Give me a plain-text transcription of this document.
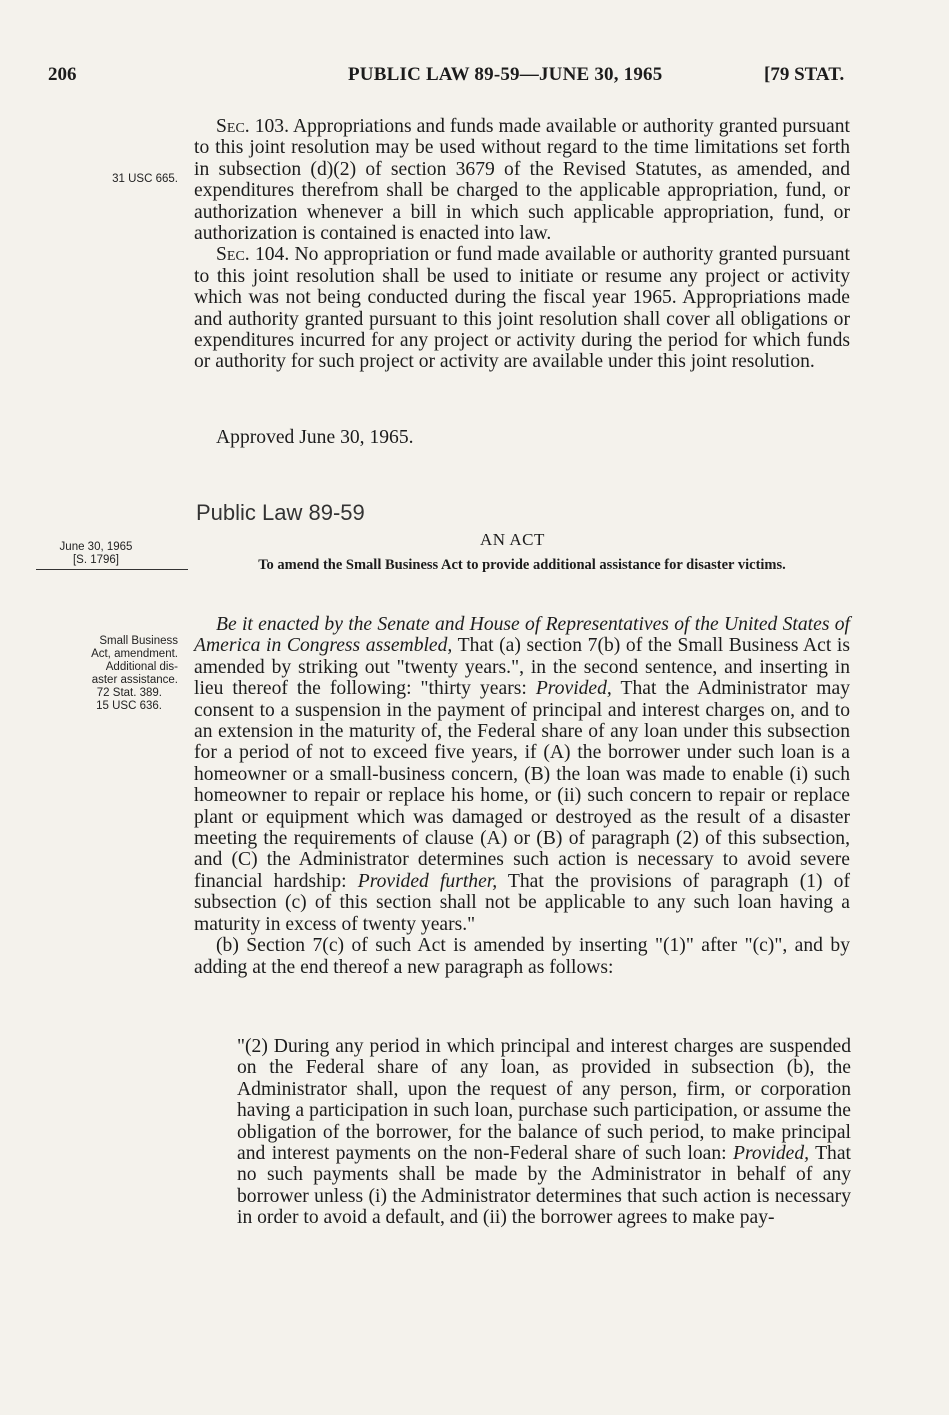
206	PUBLIC LAW 89-59—JUNE 30, 1965	[79 STAT.
31 USC 665.
June 30, 1965
[S. 1796]
Small Business
Act, amendment.
Additional dis-
aster assistance.
72 Stat. 389.
15 USC 636.

Sec. 103. Appropriations and funds made available or authority granted pursuant to this joint resolution may be used without regard to the time limitations set forth in subsection (d)(2) of section 3679 of the Revised Statutes, as amended, and expenditures therefrom shall be charged to the applicable appropriation, fund, or authorization whenever a bill in which such applicable appropriation, fund, or authorization is contained is enacted into law.

Sec. 104. No appropriation or fund made available or authority granted pursuant to this joint resolution shall be used to initiate or resume any project or activity which was not being conducted during the fiscal year 1965. Appropriations made and authority granted pursuant to this joint resolution shall cover all obligations or expenditures incurred for any project or activity during the period for which funds or authority for such project or activity are available under this joint resolution.

Approved June 30, 1965.
Public Law 89-59
AN ACT
To amend the Small Business Act to provide additional assistance for disaster victims.

Be it enacted by the Senate and House of Representatives of the United States of America in Congress assembled, That (a) section 7(b) of the Small Business Act is amended by striking out "twenty years.", in the second sentence, and inserting in lieu thereof the following: "thirty years: Provided, That the Administrator may consent to a suspension in the payment of principal and interest charges on, and to an extension in the maturity of, the Federal share of any loan under this subsection for a period of not to exceed five years, if (A) the borrower under such loan is a homeowner or a small-business concern, (B) the loan was made to enable (i) such homeowner to repair or replace his home, or (ii) such concern to repair or replace plant or equipment which was damaged or destroyed as the result of a disaster meeting the requirements of clause (A) or (B) of paragraph (2) of this subsection, and (C) the Administrator determines such action is necessary to avoid severe financial hardship: Provided further, That the provisions of paragraph (1) of subsection (c) of this section shall not be applicable to any such loan having a maturity in excess of twenty years."

(b) Section 7(c) of such Act is amended by inserting "(1)" after "(c)", and by adding at the end thereof a new paragraph as follows:

"(2) During any period in which principal and interest charges are suspended on the Federal share of any loan, as provided in subsection (b), the Administrator shall, upon the request of any person, firm, or corporation having a participation in such loan, purchase such participation, or assume the obligation of the borrower, for the balance of such period, to make principal and interest payments on the non-Federal share of such loan: Provided, That no such payments shall be made by the Administrator in behalf of any borrower unless (i) the Administrator determines that such action is necessary in order to avoid a default, and (ii) the borrower agrees to make pay-
